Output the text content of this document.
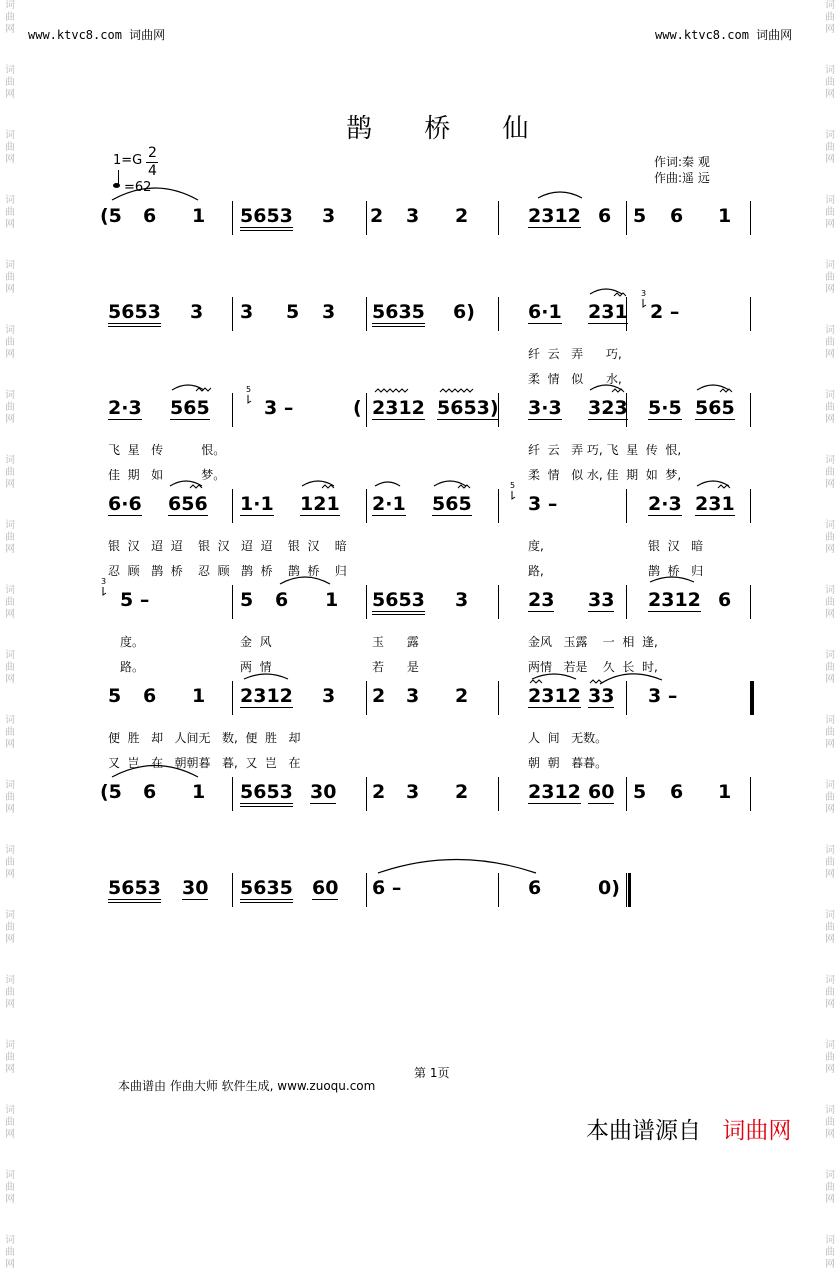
词
曲
网
词
曲
网
词
曲
网
词
曲
网
词
曲
网
词
曲
网
词
曲
网
词
曲
网
词
曲
网
词
曲
网
词
曲
网
词
曲
网
词
曲
网
词
曲
网
词
曲
网
词
曲
网
词
曲
网
词
曲
网
词
曲
网
词
曲
网
词
曲
网
词
曲
网
词
曲
网
词
曲
网
词
曲
网
词
曲
网
词
曲
网
词
曲
网
词
曲
网
词
曲
网
词
曲
网
词
曲
网
词
曲
网
词
曲
网
词
曲
网
词
曲
网
词
曲
网
词
曲
网
词
曲
网
词
曲
网
www.ktvc8.com 词曲网	www.ktvc8.com 词曲网
鹊 桥 仙
1=G 2
4
=62
作词:秦 观
作曲:遥 远
(5 6 1 5653 3 2 3 2	2312 6 5 6 1
5653 3 3 5 3 5635 6)	6·1 231 2 –
2·3 565	3 –	( 2312 5653) 3·3 323 5·5 565
6·6 656 1·1 121 2·1 565	3 –	2·3 231
5 –	5 6 1 5653 3	23 33 2312 6
5 6 1 2312 3 2 3 2	2312 33 3 –
(5 6 1 5653 30 2 3 2	2312 60 5 6 1
5653 30 5635 60 6 –	6	0)
纤  云   弄      巧,
柔  情   似      水,
飞  星   传          恨。	纤  云   弄 巧, 飞  星  传  恨,
佳  期   如          梦。	柔  情   似 水, 佳  期  如  梦,
银  汉   迢  迢    银  汉   迢  迢    银  汉    暗	度,	银  汉   暗
忍  顾   鹊  桥    忍  顾   鹊  桥    鹊  桥    归	路,	鹊  桥   归
度。	金  风	玉      露	金风   玉露    一  相  逢,
路。	两  情	若      是	两情   若是    久  长  时,
便  胜   却   人间无   数,  便  胜   却	人  间   无数。
又  岂   在   朝朝暮   暮,  又  岂   在	朝  朝   暮暮。
3
5
5
3
第 1页
本曲谱由 作曲大师 软件生成, www.zuoqu.com
本曲谱源自 词曲网
